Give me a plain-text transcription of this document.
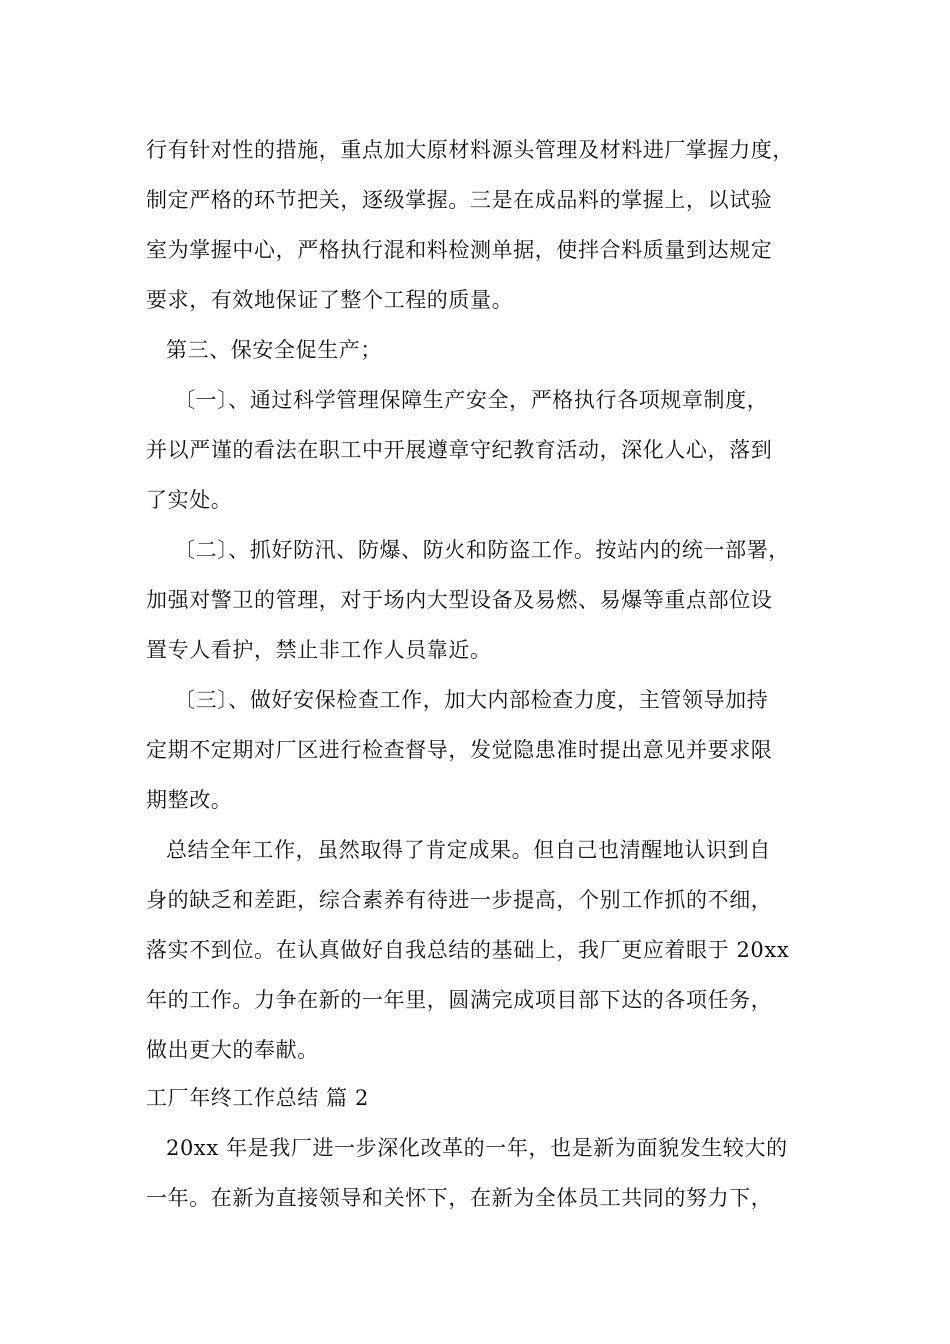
行有针对性的措施，重点加大原材料源头管理及材料进厂掌握力度，
制定严格的环节把关，逐级掌握。三是在成品料的掌握上，以试验
室为掌握中心，严格执行混和料检测单据，使拌合料质量到达规定
要求，有效地保证了整个工程的质量。
第三、保安全促生产；
〔一〕、通过科学管理保障生产安全，严格执行各项规章制度，
并以严谨的看法在职工中开展遵章守纪教育活动，深化人心，落到
了实处。
〔二〕、抓好防汛、防爆、防火和防盗工作。按站内的统一部署，
加强对警卫的管理，对于场内大型设备及易燃、易爆等重点部位设
置专人看护，禁止非工作人员靠近。
〔三〕、做好安保检查工作，加大内部检查力度，主管领导加持
定期不定期对厂区进行检查督导，发觉隐患准时提出意见并要求限
期整改。
总结全年工作，虽然取得了肯定成果。但自己也清醒地认识到自
身的缺乏和差距，综合素养有待进一步提高，个别工作抓的不细，
落实不到位。在认真做好自我总结的基础上，我厂更应着眼于 20xx
年的工作。力争在新的一年里，圆满完成项目部下达的各项任务，
做出更大的奉献。
工厂年终工作总结 篇 2
20xx 年是我厂进一步深化改革的一年，也是新为面貌发生较大的
一年。在新为直接领导和关怀下，在新为全体员工共同的努力下，
